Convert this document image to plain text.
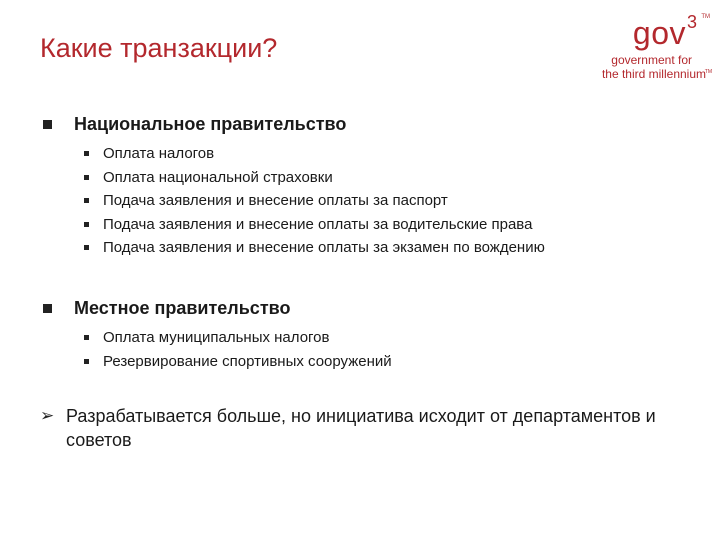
Какие транзакции?	gov 3 TM
government for
the third millennium
TM
Национальное правительство
Оплата налогов
Оплата национальной страховки
Подача заявления и внесение оплаты за паспорт
Подача заявления и внесение оплаты за водительские права
Подача заявления и внесение оплаты за экзамен по вождению
Местное правительство
Оплата муниципальных налогов
Резервирование спортивных сооружений
➢ Разрабатывается больше, но инициатива исходит от департаментов и советов
